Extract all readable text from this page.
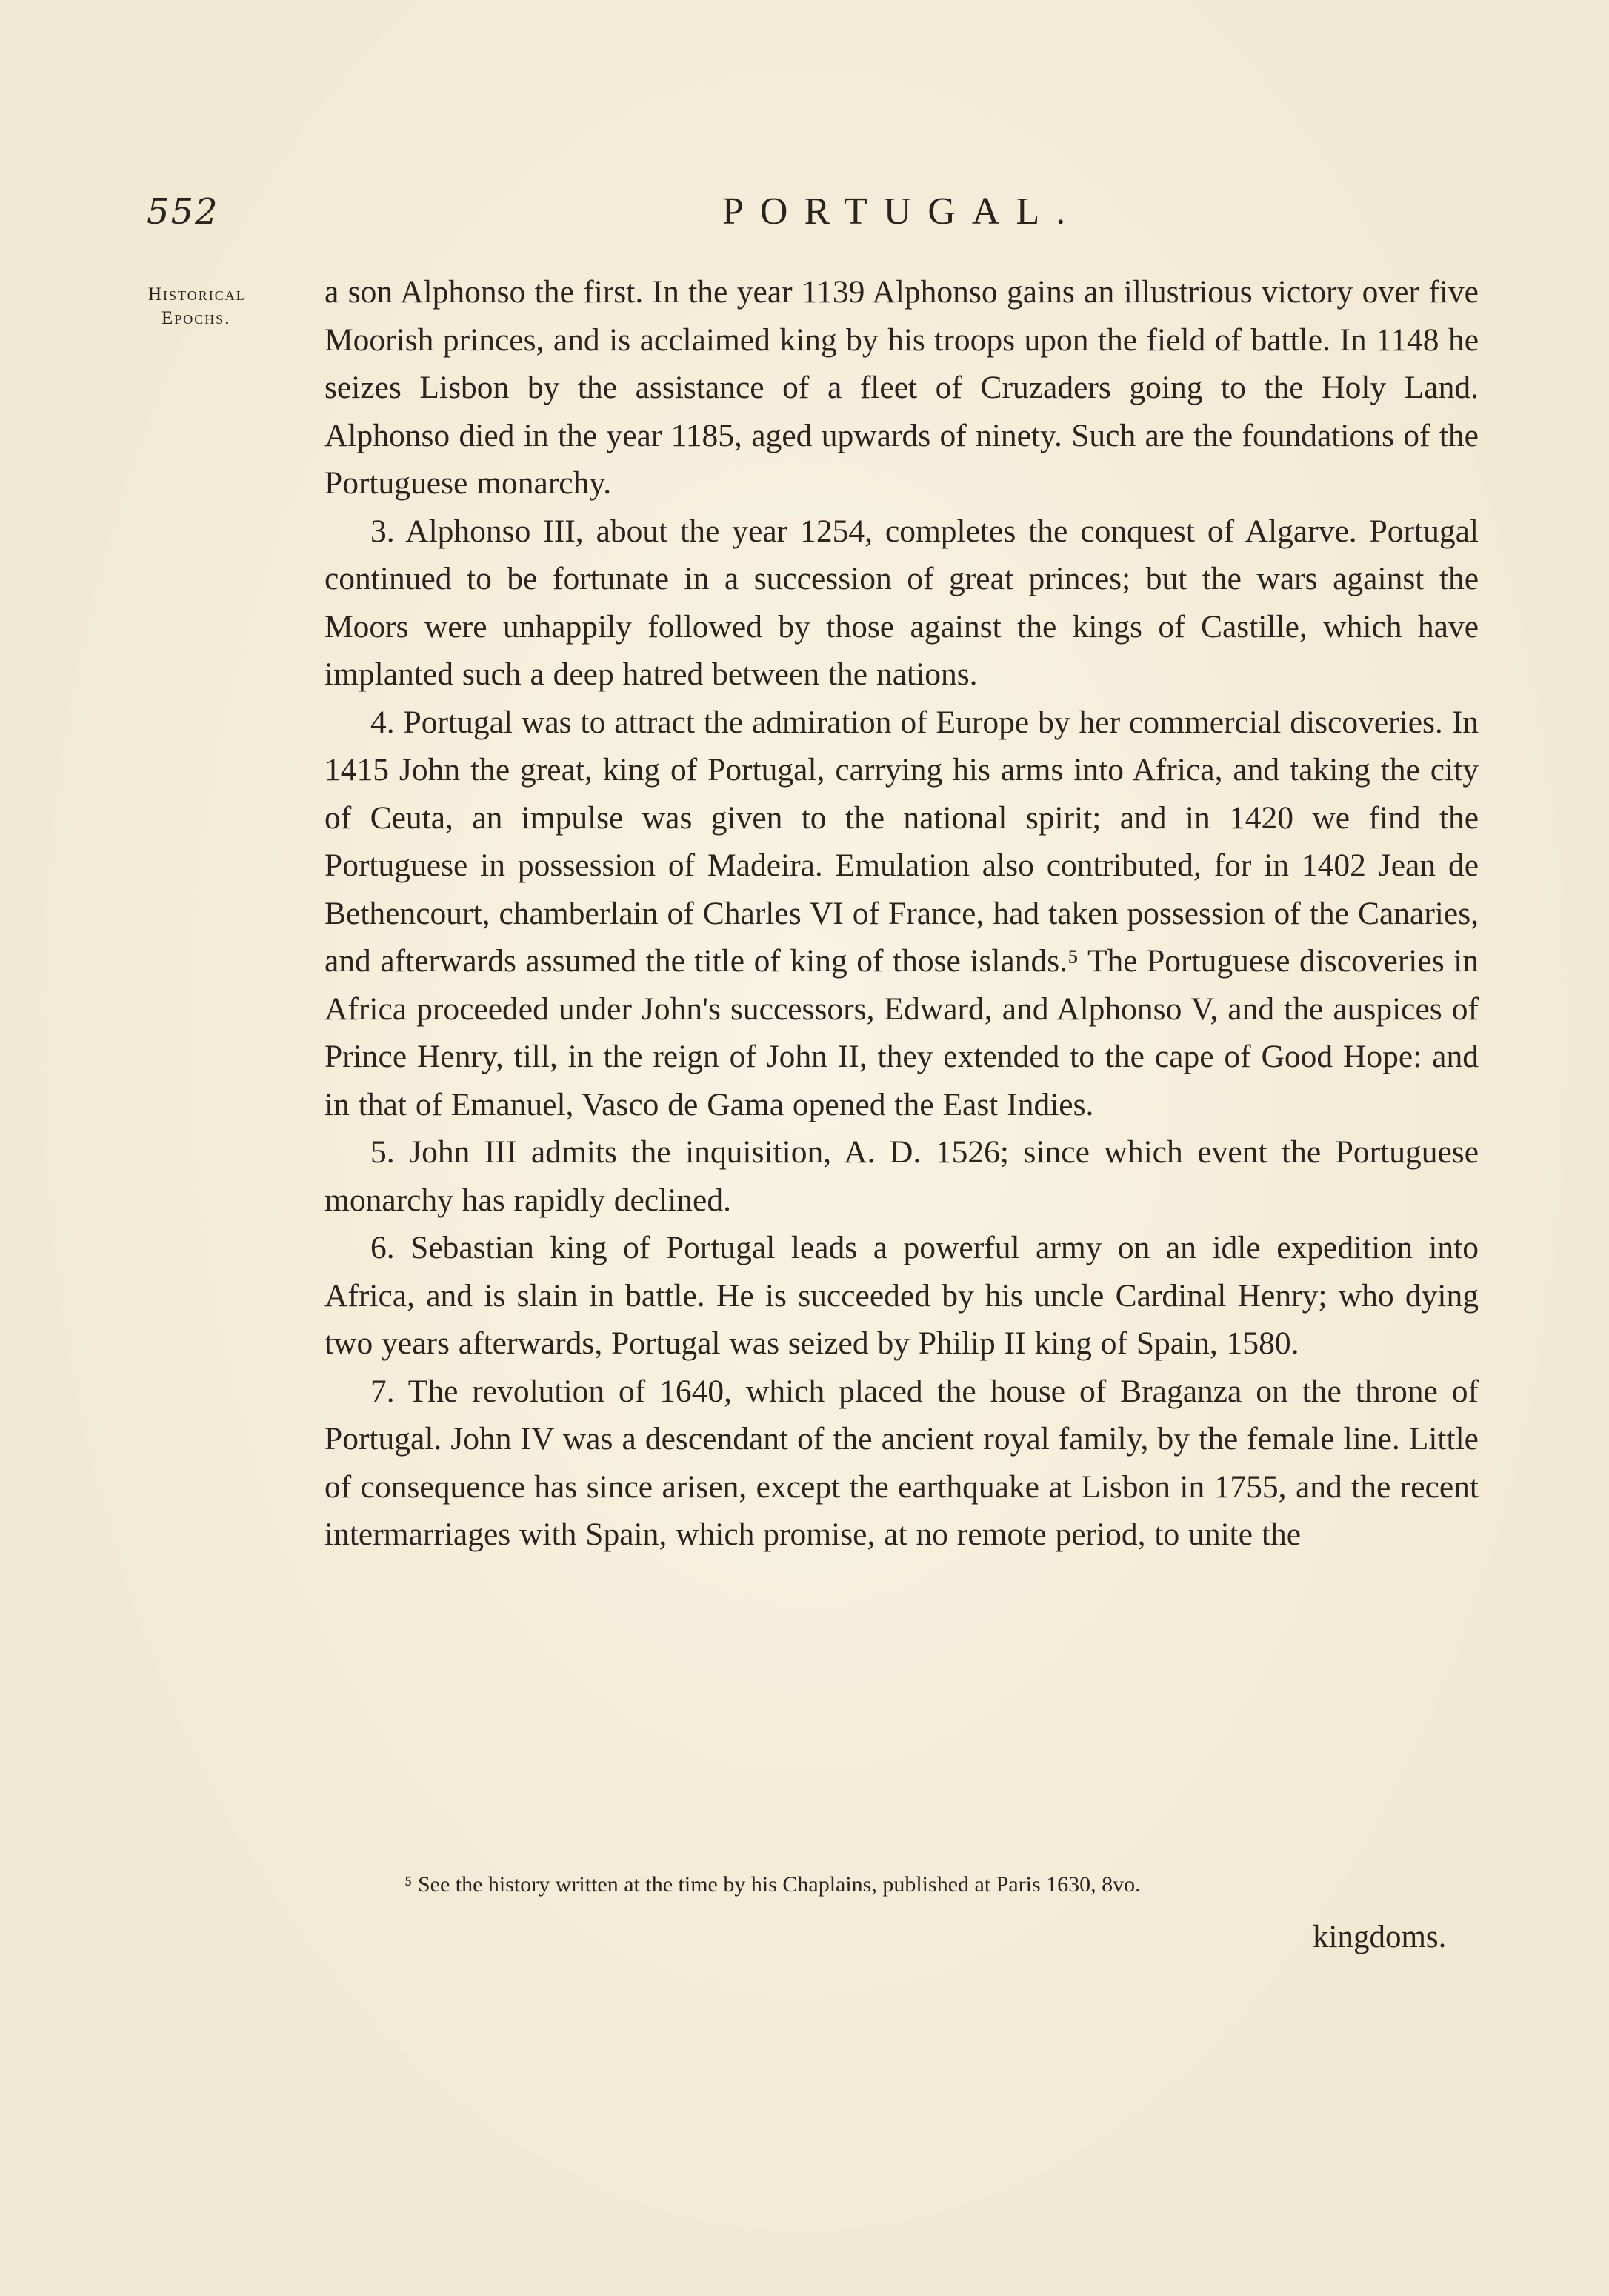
552	PORTUGAL.
Historical
Epochs.

a son Alphonso the first. In the year 1139 Alphonso gains an illustrious victory over five Moorish princes, and is acclaimed king by his troops upon the field of battle. In 1148 he seizes Lisbon by the assistance of a fleet of Cruzaders going to the Holy Land. Alphonso died in the year 1185, aged upwards of ninety. Such are the foundations of the Portuguese monarchy.

3. Alphonso III, about the year 1254, completes the conquest of Algarve. Portugal continued to be fortunate in a succession of great princes; but the wars against the Moors were unhappily followed by those against the kings of Castille, which have implanted such a deep hatred between the nations.

4. Portugal was to attract the admiration of Europe by her commercial discoveries. In 1415 John the great, king of Portugal, carrying his arms into Africa, and taking the city of Ceuta, an impulse was given to the national spirit; and in 1420 we find the Portuguese in possession of Madeira. Emulation also contributed, for in 1402 Jean de Bethencourt, chamberlain of Charles VI of France, had taken possession of the Canaries, and afterwards assumed the title of king of those islands.⁵ The Portuguese discoveries in Africa proceeded under John's successors, Edward, and Alphonso V, and the auspices of Prince Henry, till, in the reign of John II, they extended to the cape of Good Hope: and in that of Emanuel, Vasco de Gama opened the East Indies.

5. John III admits the inquisition, A. D. 1526; since which event the Portuguese monarchy has rapidly declined.

6. Sebastian king of Portugal leads a powerful army on an idle expedition into Africa, and is slain in battle. He is succeeded by his uncle Cardinal Henry; who dying two years afterwards, Portugal was seized by Philip II king of Spain, 1580.

7. The revolution of 1640, which placed the house of Braganza on the throne of Portugal. John IV was a descendant of the ancient royal family, by the female line. Little of consequence has since arisen, except the earthquake at Lisbon in 1755, and the recent intermarriages with Spain, which promise, at no remote period, to unite the

⁵ See the history written at the time by his Chaplains, published at Paris 1630, 8vo.
kingdoms.
